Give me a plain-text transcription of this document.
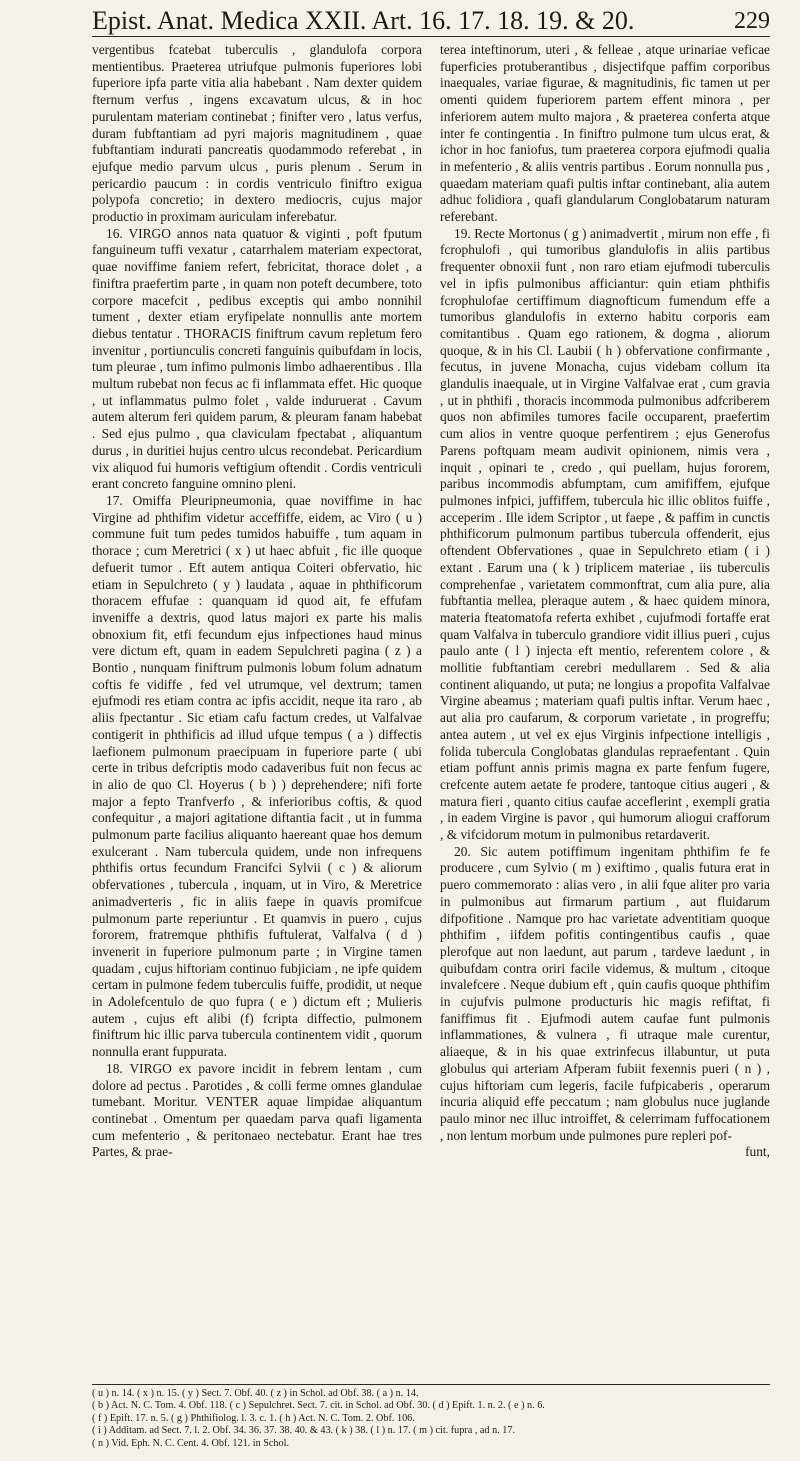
Epist. Anat. Medica XXII. Art. 16. 17. 18. 19. & 20.	229

vergentibus fcatebat tuberculis , glandulofa corpora mentientibus. Praeterea utriufque pulmonis fuperiores lobi fuperiore ipfa parte vitia alia habebant . Nam dexter quidem fternum verfus , ingens excavatum ulcus, & in hoc purulentam materiam continebat ; finifter vero , latus verfus, duram fubftantiam ad pyri majoris magnitudinem , quae fubftantiam indurati pancreatis quodammodo referebat , in ejufque medio parvum ulcus , puris plenum . Serum in pericardio paucum : in cordis ventriculo finiftro exigua polypofa concretio; in dextero mediocris, cujus major productio in proximam auriculam inferebatur.

16. VIRGO annos nata quatuor & viginti , poft fputum fanguineum tuffi vexatur , catarrhalem materiam expectorat, quae noviffime faniem refert, febricitat, thorace dolet , a finiftra praefertim parte , in quam non poteft decumbere, toto corpore macefcit , pedibus exceptis qui ambo nonnihil tument , dexter etiam eryfipelate nonnullis ante mortem diebus tentatur . THORACIS finiftrum cavum repletum fero invenitur , portiunculis concreti fanguinis quibufdam in locis, tum pleurae , tum infimo pulmonis limbo adhaerentibus . Illa multum rubebat non fecus ac fi inflammata effet. Hic quoque , ut inflammatus pulmo folet , valde induruerat . Cavum autem alterum feri quidem parum, & pleuram fanam habebat . Sed ejus pulmo , qua claviculam fpectabat , aliquantum durus , in duritiei hujus centro ulcus recondebat. Pericardium vix aliquod fui humoris veftigium oftendit . Cordis ventriculi erant concreto fanguine omnino pleni.

17. Omiffa Pleuripneumonia, quae noviffime in hac Virgine ad phthifim videtur acceffiffe, eidem, ac Viro ( u ) commune fuit tum pedes tumidos habuiffe , tum aquam in thorace ; cum Meretrici ( x ) ut haec abfuit , fic ille quoque defuerit tumor . Eft autem antiqua Coiteri obfervatio, hic etiam in Sepulchreto ( y ) laudata , aquae in phthificorum thoracem effufae : quanquam id quod ait, fe effufam inveniffe a dextris, quod latus majori ex parte his malis obnoxium fit, etfi fecundum ejus infpectiones haud minus vere dictum eft, quam in eadem Sepulchreti pagina ( z ) a Bontio , nunquam finiftrum pulmonis lobum folum adnatum coftis fe vidiffe , fed vel utrumque, vel dextrum; tamen ejufmodi res etiam contra ac ipfis accidit, neque ita raro , ab aliis fpectantur . Sic etiam cafu factum credes, ut Valfalvae contigerit in phthificis ad illud ufque tempus ( a ) diffectis laefionem pulmonum praecipuam in fuperiore parte ( ubi certe in tribus defcriptis modo cadaveribus fuit non fecus ac in alio de quo Cl. Hoyerus ( b ) ) deprehendere; nifi forte major a fepto Tranfverfo , & inferioribus coftis, & quod confequitur , a majori agitatione diftantia facit , ut in fumma pulmonum parte facilius aliquanto haereant quae hos demum exulcerant . Nam tubercula quidem, unde non infrequens phthifis ortus fecundum Francifci Sylvii ( c ) & aliorum obfervationes , tubercula , inquam, ut in Viro, & Meretrice animadverteris , fic in aliis faepe in quavis promifcue pulmonum parte reperiuntur . Et quamvis in puero , cujus fororem, fratremque phthifis fuftulerat, Valfalva ( d ) invenerit in fuperiore pulmonum parte ; in Virgine tamen quadam , cujus hiftoriam continuo fubjiciam , ne ipfe quidem certam in pulmone fedem tuberculis fuiffe, prodidit, ut neque in Adolefcentulo de quo fupra ( e ) dictum eft ; Mulieris autem , cujus eft alibi (f) fcripta diffectio, pulmonem finiftrum hic illic parva tubercula continentem vidit , quorum nonnulla erant fuppurata.

18. VIRGO ex pavore incidit in febrem lentam , cum dolore ad pectus . Parotides , & colli ferme omnes glandulae tumebant. Moritur. VENTER aquae limpidae aliquantum continebat . Omentum per quaedam parva quafi ligamenta cum mefenterio , & peritonaeo nectebatur. Erant hae tres Partes, & prae-

terea inteftinorum, uteri , & felleae , atque urinariae veficae fuperficies protuberantibus , disjectifque paffim corporibus inaequales, variae figurae, & magnitudinis, fic tamen ut per omenti quidem fuperiorem partem effent minora , per inferiorem autem multo majora , & praeterea conferta atque inter fe contingentia . In finiftro pulmone tum ulcus erat, & ichor in hoc faniofus, tum praeterea corpora ejufmodi qualia in mefenterio , & aliis ventris partibus . Eorum nonnulla pus , quaedam materiam quafi pultis inftar continebant, alia autem adhuc folidiora , quafi glandularum Conglobatarum naturam referebant.

19. Recte Mortonus ( g ) animadvertit , mirum non effe , fi fcrophulofi , qui tumoribus glandulofis in aliis partibus frequenter obnoxii funt , non raro etiam ejufmodi tuberculis vel in ipfis pulmonibus afficiantur: quin etiam phthifis fcrophulofae certiffimum diagnofticum fumendum effe a tumoribus glandulofis in externo habitu corporis eam comitantibus . Quam ego rationem, & dogma , aliorum quoque, & in his Cl. Laubii ( h ) obfervatione confirmante , fecutus, in juvene Monacha, cujus videbam collum ita glandulis inaequale, ut in Virgine Valfalvae erat , cum gravia , ut in phthifi , thoracis incommoda pulmonibus adfcriberem quos non abfimiles tumores facile occuparent, praefertim cum alios in ventre quoque perfentirem ; ejus Generofus Parens poftquam meam audivit opinionem, nimis vera , inquit , opinari te , credo , qui puellam, hujus fororem, paribus incommodis abfumptam, cum amififfem, ejufque pulmones infpici, juffiffem, tubercula hic illic oblitos fuiffe , acceperim . Ille idem Scriptor , ut faepe , & paffim in cunctis phthificorum pulmonum partibus tubercula offenderit, ejus oftendent Obfervationes , quae in Sepulchreto etiam ( i ) extant . Earum una ( k ) triplicem materiae , iis tuberculis comprehenfae , varietatem commonftrat, cum alia pure, alia fubftantia mellea, pleraque autem , & haec quidem minora, materia fteatomatofa referta exhibet , cujufmodi fortaffe erat quam Valfalva in tuberculo grandiore vidit illius pueri , cujus paulo ante ( l ) injecta eft mentio, referentem colore , & mollitie fubftantiam cerebri medullarem . Sed & alia continent aliquando, ut puta; ne longius a propofita Valfalvae Virgine abeamus ; materiam quafi pultis inftar. Verum haec , aut alia pro caufarum, & corporum varietate , in progreffu; antea autem , ut vel ex ejus Virginis infpectione intelligis , folida tubercula Conglobatas glandulas repraefentant . Quin etiam poffunt annis primis magna ex parte fenfum fugere, crefcente autem aetate fe prodere, tantoque citius augeri , & matura fieri , quanto citius caufae acceflerint , exempli gratia , in eadem Virgine is pavor , qui humorum aliogui crafforum , & vifcidorum motum in pulmonibus retardaverit.

20. Sic autem potiffimum ingenitam phthifim fe fe producere , cum Sylvio ( m ) exiftimo , qualis futura erat in puero commemorato : alias vero , in alii fque aliter pro varia in pulmonibus aut firmarum partium , aut fluidarum difpofitione . Namque pro hac varietate adventitiam quoque phthifim , iifdem pofitis contingentibus caufis , quae plerofque aut non laedunt, aut parum , tardeve laedunt , in quibufdam contra oriri facile videmus, & multum , citoque invalefcere . Neque dubium eft , quin caufis quoque phthifim in cujufvis pulmone producturis hic magis refiftat, fi faniffimus fit . Ejufmodi autem caufae funt pulmonis inflammationes, & vulnera , fi utraque male curentur, aliaeque, & in his quae extrinfecus illabuntur, ut puta globulus qui arteriam Afperam fubiit fexennis pueri ( n ) , cujus hiftoriam cum legeris, facile fufpicaberis , operarum incuria aliquid effe peccatum ; nam globulus nuce juglande paulo minor nec illuc introiffet, & celerrimam fuffocationem , non lentum morbum unde pulmones pure repleri pof-

funt,

( u ) n. 14. ( x ) n. 15. ( y ) Sect. 7. Obf. 40. ( z ) in Schol. ad Obf. 38. ( a ) n. 14.
( b ) Act. N. C. Tom. 4. Obf. 118. ( c ) Sepulchret. Sect. 7. cit. in Schol. ad Obf. 30. ( d ) Epift. 1. n. 2. ( e ) n. 6.
( f ) Epift. 17. n. 5. ( g ) Phthifiolog. l. 3. c. 1. ( h ) Act. N. C. Tom. 2. Obf. 106.
( i ) Additam. ad Sect. 7. l. 2. Obf. 34. 36. 37. 38. 40. & 43. ( k ) 38. ( l ) n. 17. ( m ) cit. fupra , ad n. 17.
( n ) Vid. Eph. N. C. Cent. 4. Obf. 121. in Schol.
